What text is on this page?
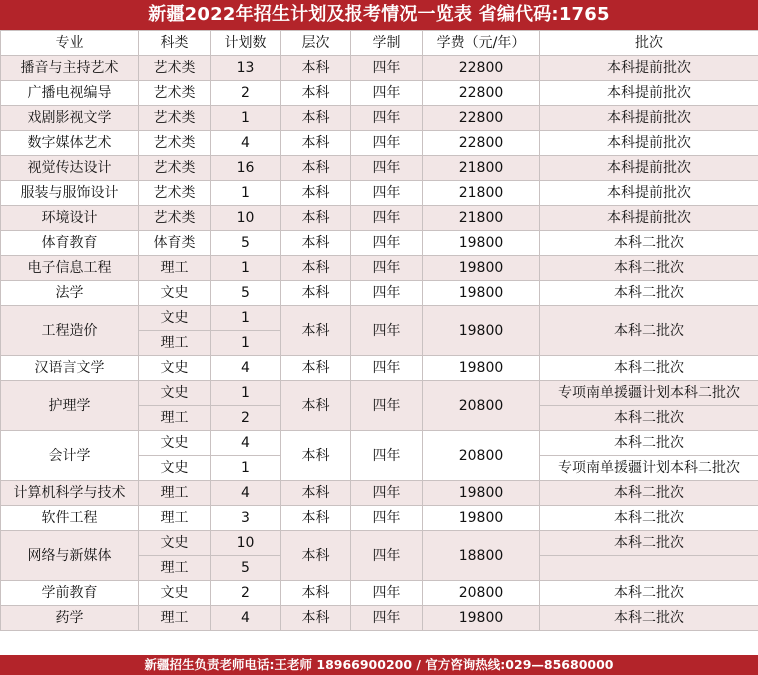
新疆2022年招生计划及报考情况一览表 省编代码:1765
专业	科类	计划数	层次	学制	学费（元/年）	批次
播音与主持艺术	艺术类	13	本科	四年	22800	本科提前批次
广播电视编导	艺术类	2	本科	四年	22800	本科提前批次
戏剧影视文学	艺术类	1	本科	四年	22800	本科提前批次
数字媒体艺术	艺术类	4	本科	四年	22800	本科提前批次
视觉传达设计	艺术类	16	本科	四年	21800	本科提前批次
服装与服饰设计	艺术类	1	本科	四年	21800	本科提前批次
环境设计	艺术类	10	本科	四年	21800	本科提前批次
体育教育	体育类	5	本科	四年	19800	本科二批次
电子信息工程	理工	1	本科	四年	19800	本科二批次
法学	文史	5	本科	四年	19800	本科二批次
工程造价	文史	1	本科	四年	19800	本科二批次
	理工	1				
汉语言文学	文史	4	本科	四年	19800	本科二批次
护理学	文史	1	本科	四年	20800	专项南单援疆计划本科二批次
	理工	2				本科二批次
会计学	文史	4	本科	四年	20800	本科二批次
	文史	1				专项南单援疆计划本科二批次
计算机科学与技术	理工	4	本科	四年	19800	本科二批次
软件工程	理工	3	本科	四年	19800	本科二批次
网络与新媒体	文史	10	本科	四年	18800	本科二批次
	理工	5				
学前教育	文史	2	本科	四年	20800	本科二批次
药学	理工	4	本科	四年	19800	本科二批次
新疆招生负责老师电话:王老师 18966900200 / 官方咨询热线:029—85680000
